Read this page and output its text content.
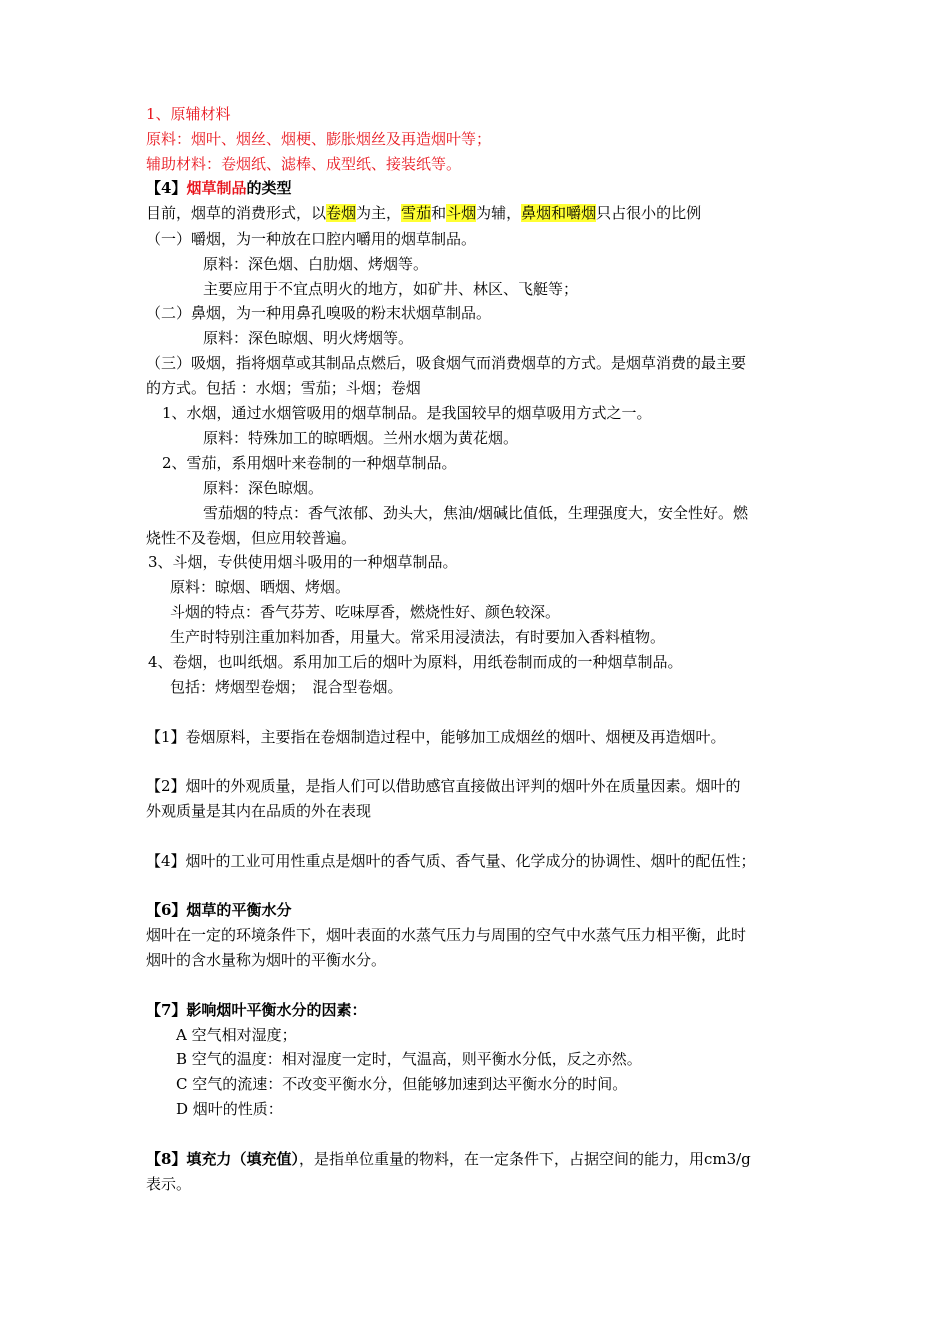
1、原辅材料
原料：烟叶、烟丝、烟梗、膨胀烟丝及再造烟叶等；
辅助材料：卷烟纸、滤棒、成型纸、接装纸等。
【4】烟草制品的类型
目前，烟草的消费形式，以卷烟为主，雪茄和斗烟为辅，鼻烟和嚼烟只占很小的比例
（一）嚼烟，为一种放在口腔内嚼用的烟草制品。
原料：深色烟、白肋烟、烤烟等。
主要应用于不宜点明火的地方，如矿井、林区、飞艇等；
（二）鼻烟，为一种用鼻孔嗅吸的粉末状烟草制品。
原料：深色晾烟、明火烤烟等。
（三）吸烟，指将烟草或其制品点燃后，吸食烟气而消费烟草的方式。是烟草消费的最主要
的方式。包括 ：水烟；雪茄；斗烟；卷烟
1、水烟，通过水烟管吸用的烟草制品。是我国较早的烟草吸用方式之一。
原料：特殊加工的晾晒烟。兰州水烟为黄花烟。
2、雪茄，系用烟叶来卷制的一种烟草制品。
原料：深色晾烟。
雪茄烟的特点：香气浓郁、劲头大，焦油/烟碱比值低，生理强度大，安全性好。燃
烧性不及卷烟，但应用较普遍。
3、斗烟，专供使用烟斗吸用的一种烟草制品。
原料：晾烟、晒烟、烤烟。
斗烟的特点：香气芬芳、吃味厚香，燃烧性好、颜色较深。
生产时特别注重加料加香，用量大。常采用浸渍法，有时要加入香料植物。
4、卷烟，也叫纸烟。系用加工后的烟叶为原料，用纸卷制而成的一种烟草制品。
包括：烤烟型卷烟；　混合型卷烟。
【1】卷烟原料，主要指在卷烟制造过程中，能够加工成烟丝的烟叶、烟梗及再造烟叶。
【2】烟叶的外观质量，是指人们可以借助感官直接做出评判的烟叶外在质量因素。烟叶的
外观质量是其内在品质的外在表现
【4】烟叶的工业可用性重点是烟叶的香气质、香气量、化学成分的协调性、烟叶的配伍性；
【6】烟草的平衡水分
烟叶在一定的环境条件下，烟叶表面的水蒸气压力与周围的空气中水蒸气压力相平衡，此时
烟叶的含水量称为烟叶的平衡水分。
【7】影响烟叶平衡水分的因素：
A 空气相对湿度；
B 空气的温度：相对湿度一定时，气温高，则平衡水分低，反之亦然。
C 空气的流速：不改变平衡水分，但能够加速到达平衡水分的时间。
D 烟叶的性质：
【8】填充力（填充值），是指单位重量的物料，在一定条件下，占据空间的能力，用cm3/g
表示。
